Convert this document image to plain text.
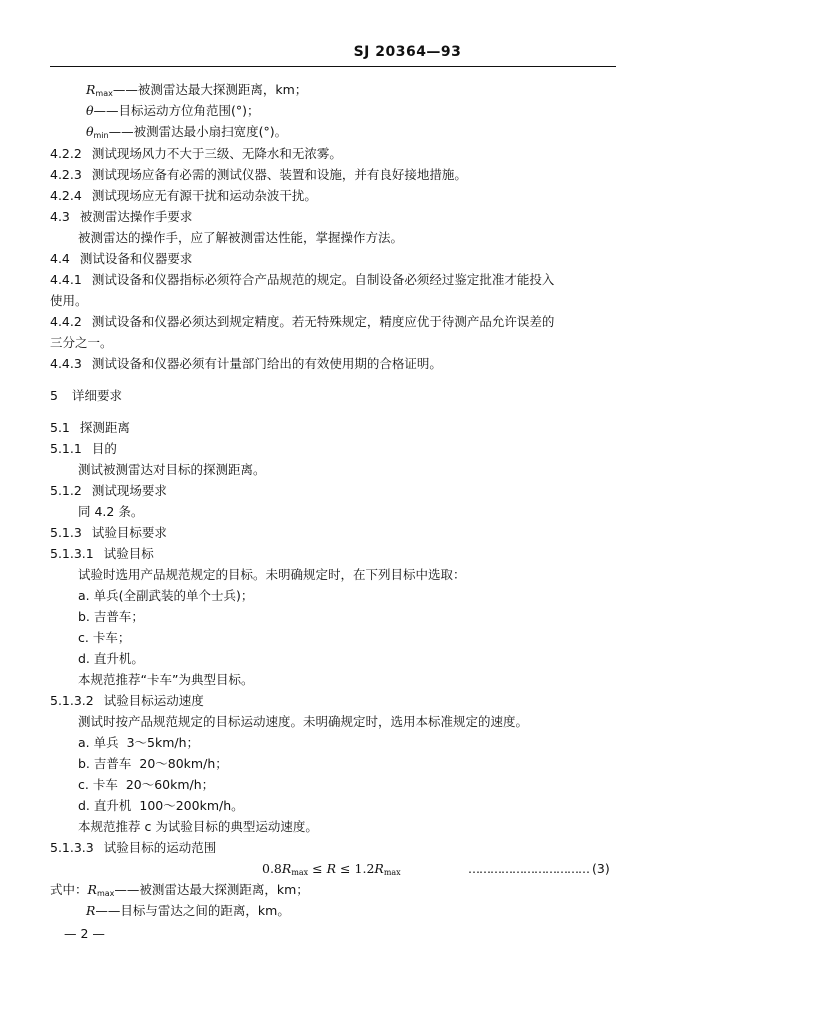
SJ 20364—93
$R_{max}——$被测雷达最大探测距离，km；
θ——目标运动方位角范围(°)；
$\theta_{min}——$被测雷达最小扇扫宽度(°)。
4.2.2 测试现场风力不大于三级、无降水和无浓雾。
4.2.3 测试现场应备有必需的测试仪器、装置和设施，并有良好接地措施。
4.2.4 测试现场应无有源干扰和运动杂波干扰。
4.3 被测雷达操作手要求
被测雷达的操作手，应了解被测雷达性能，掌握操作方法。
4.4 测试设备和仪器要求
4.4.1 测试设备和仪器指标必须符合产品规范的规定。自制设备必须经过鉴定批准才能投入
使用。
4.4.2 测试设备和仪器必须达到规定精度。若无特殊规定，精度应优于待测产品允许误差的
三分之一。
4.4.3 测试设备和仪器必须有计量部门给出的有效使用期的合格证明。
5 详细要求
5.1 探测距离
5.1.1 目的
测试被测雷达对目标的探测距离。
5.1.2 测试现场要求
同 4.2 条。
5.1.3 试验目标要求
5.1.3.1 试验目标
试验时选用产品规范规定的目标。未明确规定时，在下列目标中选取：
a. 单兵(全副武装的单个士兵)；
b. 吉普车；
c. 卡车；
d. 直升机。
本规范推荐“卡车”为典型目标。
5.1.3.2 试验目标运动速度
测试时按产品规范规定的目标运动速度。未明确规定时，选用本标准规定的速度。
a. 单兵 3～5km/h；
b. 吉普车 20～80km/h；
c. 卡车 20～60km/h；
d. 直升机 100～200km/h。
本规范推荐 c 为试验目标的典型运动速度。
5.1.3.3 试验目标的运动范围
$0.8R_{max} \le R \le 1.2R_{max}$	…………………………… (3)
式中：$R_{max}——$被测雷达最大探测距离，km；
R——目标与雷达之间的距离，km。
— 2 —
